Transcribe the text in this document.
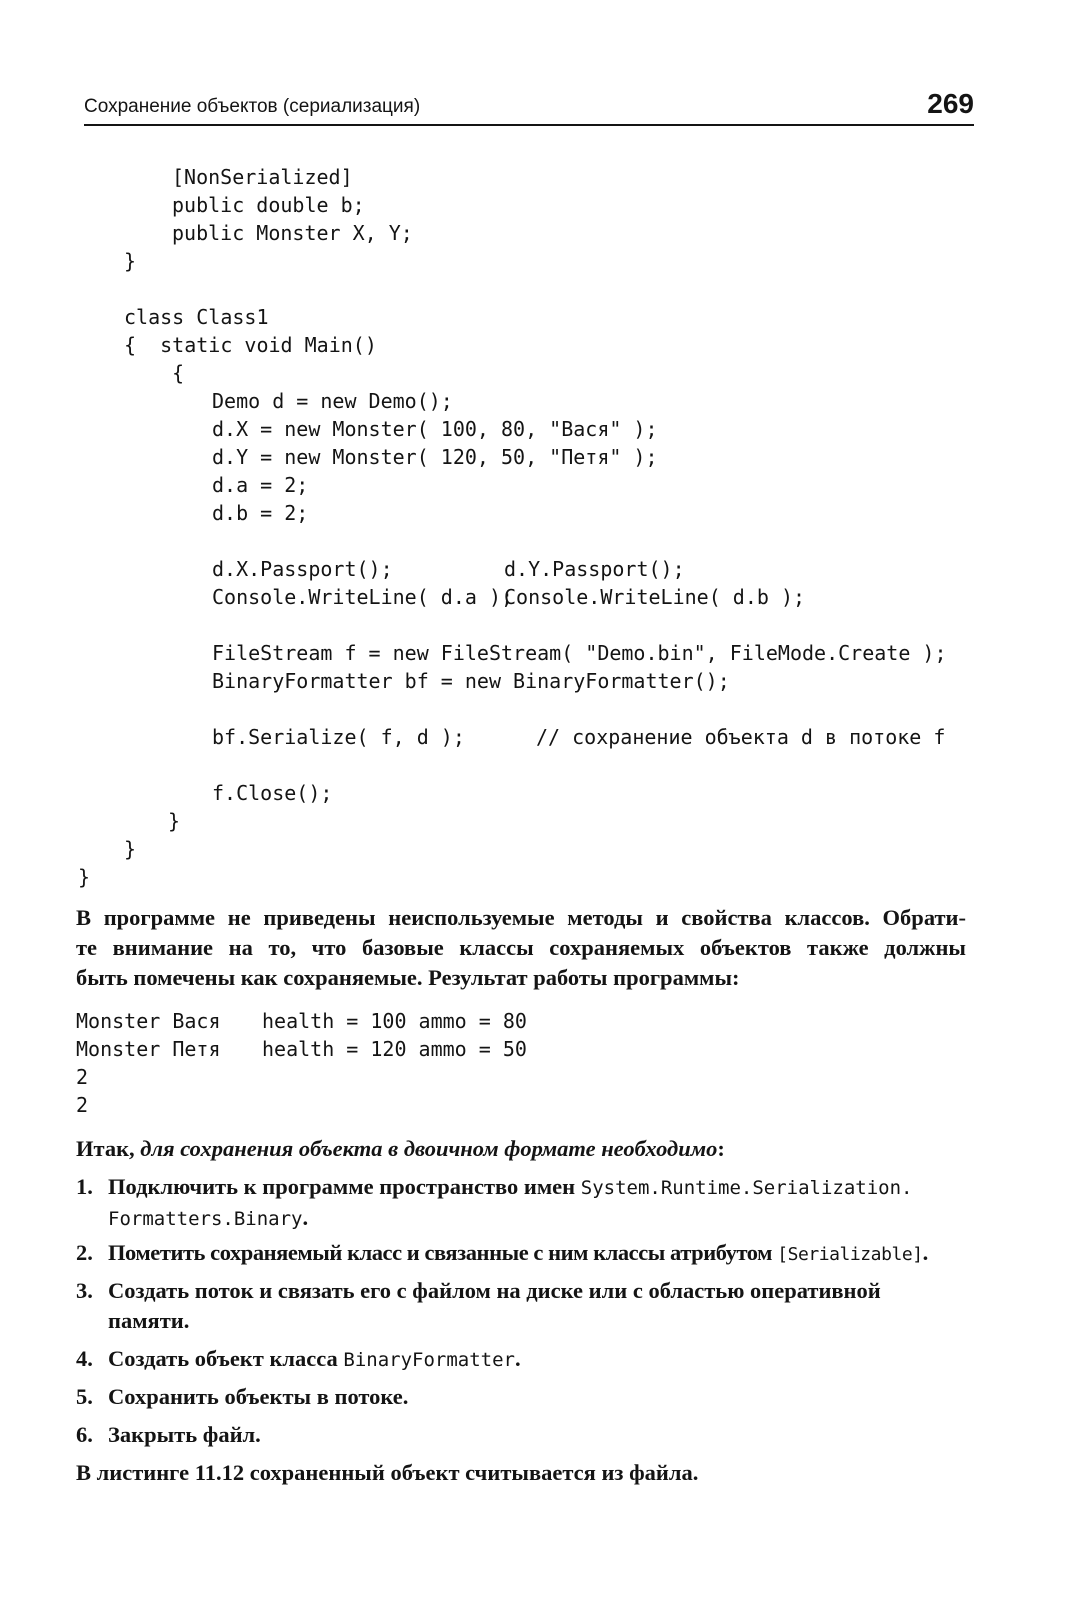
Сохранение объектов (сериализация)	269
[NonSerialized]
public double b;
public Monster X, Y;
}
class Class1
{  static void Main()
{
Demo d = new Demo();
d.X = new Monster( 100, 80, "Вася" );
d.Y = new Monster( 120, 50, "Петя" );
d.a = 2;
d.b = 2;
d.X.Passport();	d.Y.Passport();
Console.WriteLine( d.a );
Console.WriteLine( d.b );
FileStream f = new FileStream( "Demo.bin", FileMode.Create );
BinaryFormatter bf = new BinaryFormatter();
bf.Serialize( f, d );	// сохранение объекта d в потоке f
f.Close();
}
}
}

В программе не приведены неиспользуемые методы и свойства классов. Обрати-

те внимание на то, что базовые классы сохраняемых объектов также должны

быть помечены как сохраняемые. Результат работы программы:

Monster Вася health = 100 ammo = 80
Monster Петя health = 120 ammo = 50
2
2

Итак, для сохранения объекта в двоичном формате необходимо:

1. Подключить к программе пространство имен System.Runtime.Serialization.
Formatters.Binary.
2. Пометить сохраняемый класс и связанные с ним классы атрибутом [Serializable].
3. Создать поток и связать его с файлом на диске или с областью оперативной памяти.
4. Создать объект класса BinaryFormatter.
5. Сохранить объекты в потоке.
6. Закрыть файл.

В листинге 11.12 сохраненный объект считывается из файла.
